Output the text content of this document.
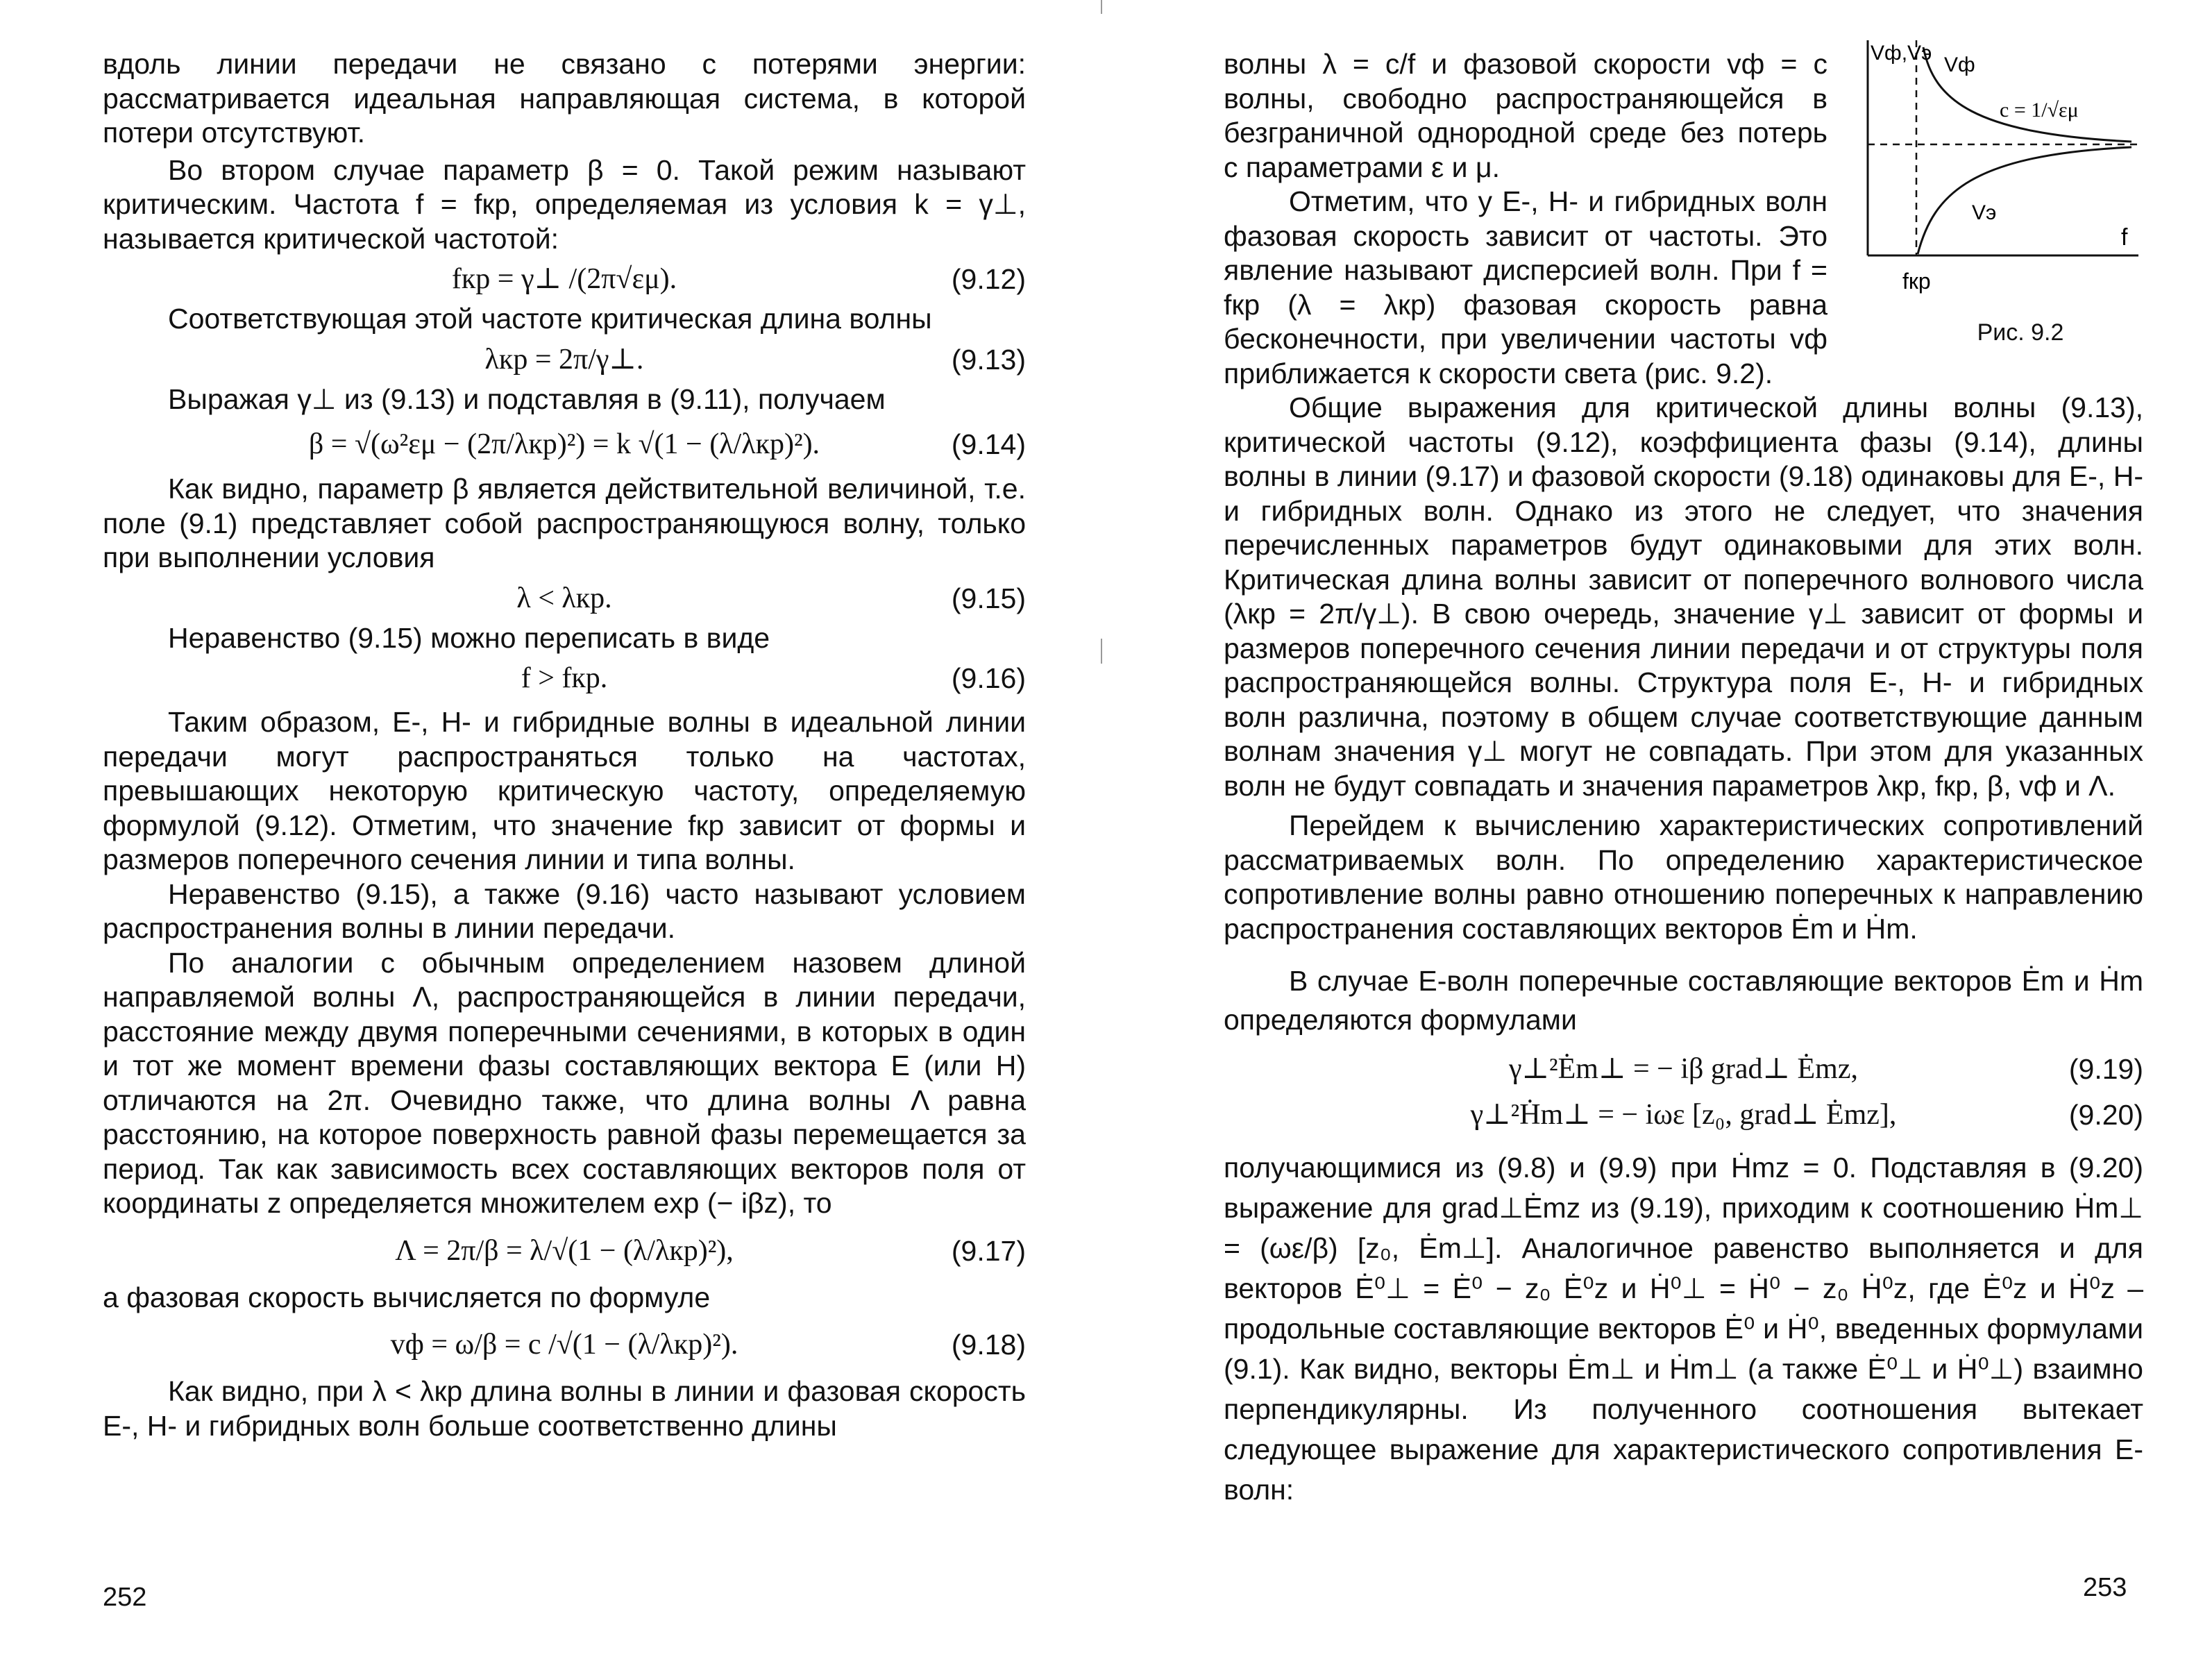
вдоль линии передачи не связано с потерями энергии: рассматривается идеальная направляющая система, в которой потери отсутствуют.

Во втором случае параметр β = 0. Такой режим называют критическим. Частота f = fкр, определяемая из условия k = γ⊥, называется критической частотой:

fкр = γ⊥ /(2π√εμ).	(9.12)

Соответствующая этой частоте критическая длина волны

λкр = 2π/γ⊥.	(9.13)

Выражая γ⊥ из (9.13) и подставляя в (9.11), получаем

β = √(ω²εμ − (2π/λкр)²) = k √(1 − (λ/λкр)²).	(9.14)

Как видно, параметр β является действительной величиной, т.е. поле (9.1) представляет собой распространяющуюся волну, только при выполнении условия

λ < λкр.	(9.15)

Неравенство (9.15) можно переписать в виде

f > fкр.	(9.16)

Таким образом, E-, H- и гибридные волны в идеальной линии передачи могут распространяться только на частотах, превышающих некоторую критическую частоту, определяемую формулой (9.12). Отметим, что значение fкр зависит от формы и размеров поперечного сечения линии и типа волны.

Неравенство (9.15), а также (9.16) часто называют условием распространения волны в линии передачи.

По аналогии с обычным определением назовем длиной направляемой волны Λ, распространяющейся в линии передачи, расстояние между двумя поперечными сечениями, в которых в один и тот же момент времени фазы составляющих вектора E (или H) отличаются на 2π. Очевидно также, что длина волны Λ равна расстоянию, на которое поверхность равной фазы перемещается за период. Так как зависимость всех составляющих векторов поля от координаты z определяется множителем exp (− iβz), то

Λ = 2π/β = λ/√(1 − (λ/λкр)²),	(9.17)

а фазовая скорость вычисляется по формуле

vф = ω/β = c /√(1 − (λ/λкр)²).	(9.18)

Как видно, при λ < λкр длина волны в линии и фазовая скорость E-, H- и гибридных волн больше соответственно длины

252
Vф,Vэ
Vф
c = 1/√εμ
Vэ
f
fкр
Рис. 9.2

волны λ = c/f и фазовой скорости vф = c волны, свободно распространяющейся в безграничной однородной среде без потерь с параметрами ε и μ.

Отметим, что у E-, H- и гибридных волн фазовая скорость зависит от частоты. Это явление называют дисперсией волн. При f = fкр (λ = λкр) фазовая скорость равна бесконечности, при увеличении частоты vф приближается к скорости света (рис. 9.2).

Общие выражения для критической длины волны (9.13), критической частоты (9.12), коэффициента фазы (9.14), длины волны в линии (9.17) и фазовой скорости (9.18) одинаковы для E-, H- и гибридных волн. Однако из этого не следует, что значения перечисленных параметров будут одинаковыми для этих волн. Критическая длина волны зависит от поперечного волнового числа (λкр = 2π/γ⊥). В свою очередь, значение γ⊥ зависит от формы и размеров поперечного сечения линии передачи и от структуры поля распространяющейся волны. Структура поля E-, H- и гибридных волн различна, поэтому в общем случае соответствующие данным волнам значения γ⊥ могут не совпадать. При этом для указанных волн не будут совпадать и значения параметров λкр, fкр, β, vф и Λ.

Перейдем к вычислению характеристических сопротивлений рассматриваемых волн. По определению характеристическое сопротивление волны равно отношению поперечных к направлению распространения составляющих векторов Ėm и Ḣm.

В случае E-волн поперечные составляющие векторов Ėm и Ḣm определяются формулами

γ⊥²Ėm⊥ = − iβ grad⊥ Ėmz,	(9.19)
γ⊥²Ḣm⊥ = − iωε [z₀, grad⊥ Ėmz],	(9.20)

получающимися из (9.8) и (9.9) при Ḣmz = 0. Подставляя в (9.20) выражение для grad⊥Ėmz из (9.19), приходим к соотношению Ḣm⊥ = (ωε/β) [z₀, Ėm⊥]. Аналогичное равенство выполняется и для векторов Ė⁰⊥ = Ė⁰ − z₀ Ė⁰z и Ḣ⁰⊥ = Ḣ⁰ − z₀ Ḣ⁰z, где Ė⁰z и Ḣ⁰z – продольные составляющие векторов Ė⁰ и Ḣ⁰, введенных формулами (9.1). Как видно, векторы Ėm⊥ и Ḣm⊥ (а также Ė⁰⊥ и Ḣ⁰⊥) взаимно перпендикулярны. Из полученного соотношения вытекает следующее выражение для характеристического сопротивления E-волн:

253
